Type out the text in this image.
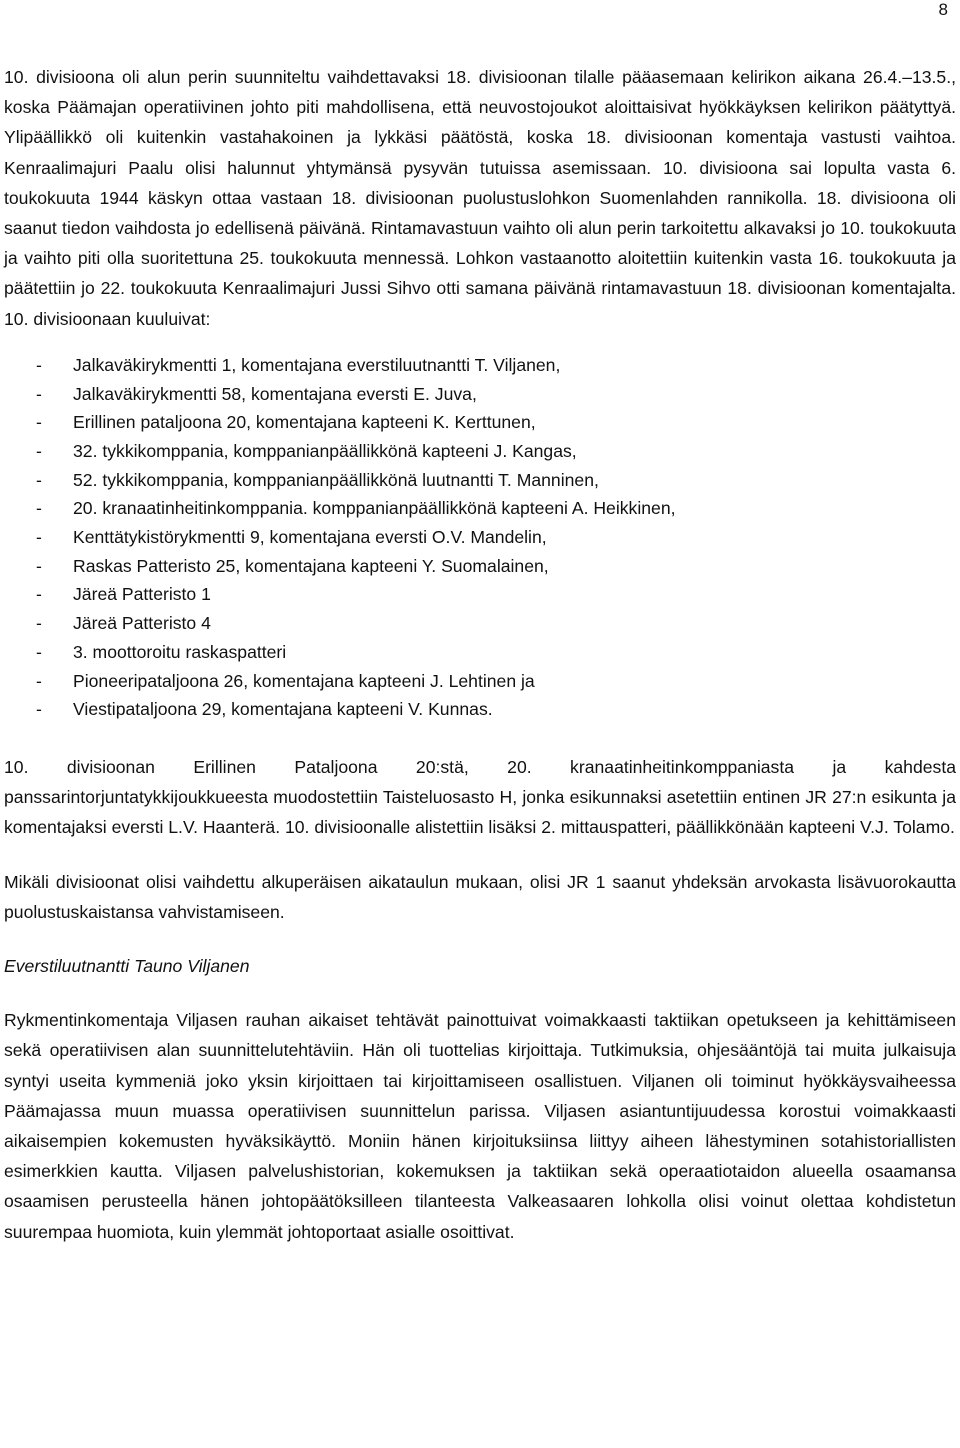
8

10. divisioona oli alun perin suunniteltu vaihdettavaksi 18. divisioonan tilalle pääasemaan kelirikon aikana 26.4.–13.5., koska Päämajan operatiivinen johto piti mahdollisena, että neuvostojoukot aloittaisivat hyökkäyksen kelirikon päätyttyä. Ylipäällikkö oli kuitenkin vastahakoinen ja lykkäsi päätöstä, koska 18. divisioonan komentaja vastusti vaihtoa. Kenraalimajuri Paalu olisi halunnut yhtymänsä pysyvän tutuissa asemissaan. 10. divisioona sai lopulta vasta 6. toukokuuta 1944 käskyn ottaa vastaan 18. divisioonan puolustuslohkon Suomenlahden rannikolla. 18. divisioona oli saanut tiedon vaihdosta jo edellisenä päivänä. Rintamavastuun vaihto oli alun perin tarkoitettu alkavaksi jo 10. toukokuuta ja vaihto piti olla suoritettuna 25. toukokuuta mennessä. Lohkon vastaanotto aloitettiin kuitenkin vasta 16. toukokuuta ja päätettiin jo 22. toukokuuta Kenraalimajuri Jussi Sihvo otti samana päivänä rintamavastuun 18. divisioonan komentajalta. 10. divisioonaan kuuluivat:

- Jalkaväkirykmentti 1, komentajana everstiluutnantti T. Viljanen,
- Jalkaväkirykmentti 58, komentajana eversti E. Juva,
- Erillinen pataljoona 20, komentajana kapteeni K. Kerttunen,
- 32. tykkikomppania, komppanianpäällikkönä kapteeni J. Kangas,
- 52. tykkikomppania, komppanianpäällikkönä luutnantti T. Manninen,
- 20. kranaatinheitinkomppania. komppanianpäällikkönä kapteeni A. Heikkinen,
- Kenttätykistörykmentti 9, komentajana eversti O.V. Mandelin,
- Raskas Patteristo 25, komentajana kapteeni Y. Suomalainen,
- Järeä Patteristo 1
- Järeä Patteristo 4
- 3. moottoroitu raskaspatteri
- Pioneeripataljoona 26, komentajana kapteeni J. Lehtinen ja
- Viestipataljoona 29, komentajana kapteeni V. Kunnas.

10. divisioonan Erillinen Pataljoona 20:stä, 20. kranaatinheitinkomppaniasta ja kahdesta panssarintorjuntatykkijoukkueesta muodostettiin Taisteluosasto H, jonka esikunnaksi asetettiin entinen JR 27:n esikunta ja komentajaksi eversti L.V. Haanterä. 10. divisioonalle alistettiin lisäksi 2. mittauspatteri, päällikkönään kapteeni V.J. Tolamo.

Mikäli divisioonat olisi vaihdettu alkuperäisen aikataulun mukaan, olisi JR 1 saanut yhdeksän arvokasta lisävuorokautta puolustuskaistansa vahvistamiseen.

Everstiluutnantti Tauno Viljanen

Rykmentinkomentaja Viljasen rauhan aikaiset tehtävät painottuivat voimakkaasti taktiikan opetukseen ja kehittämiseen sekä operatiivisen alan suunnittelutehtäviin. Hän oli tuottelias kirjoittaja. Tutkimuksia, ohjesääntöjä tai muita julkaisuja syntyi useita kymmeniä joko yksin kirjoittaen tai kirjoittamiseen osallistuen. Viljanen oli toiminut hyökkäysvaiheessa Päämajassa muun muassa operatiivisen suunnittelun parissa. Viljasen asiantuntijuudessa korostui voimakkaasti aikaisempien kokemusten hyväksikäyttö. Moniin hänen kirjoituksiinsa liittyy aiheen lähestyminen sotahistoriallisten esimerkkien kautta. Viljasen palvelushistorian, kokemuksen ja taktiikan sekä operaatiotaidon alueella osaamansa osaamisen perusteella hänen johtopäätöksilleen tilanteesta Valkeasaaren lohkolla olisi voinut olettaa kohdistetun suurempaa huomiota, kuin ylemmät johtoportaat asialle osoittivat.
